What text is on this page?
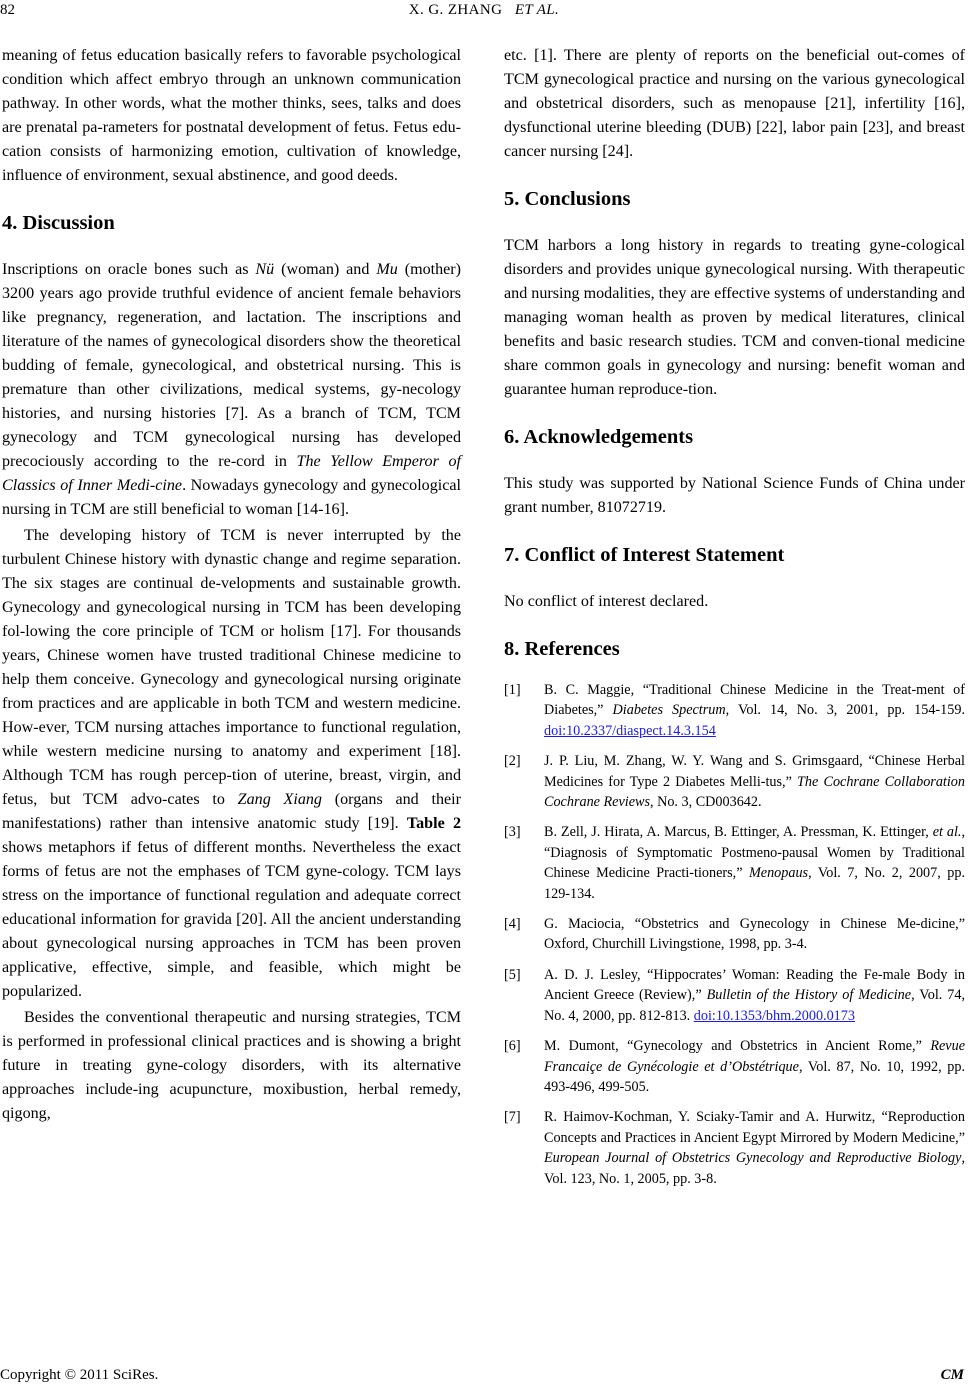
82	X. G. ZHANG ET AL.

meaning of fetus education basically refers to favorable psychological condition which affect embryo through an unknown communication pathway. In other words, what the mother thinks, sees, talks and does are prenatal pa-rameters for postnatal development of fetus. Fetus edu-cation consists of harmonizing emotion, cultivation of knowledge, influence of environment, sexual abstinence, and good deeds.

4. Discussion

Inscriptions on oracle bones such as Nü (woman) and Mu (mother) 3200 years ago provide truthful evidence of ancient female behaviors like pregnancy, regeneration, and lactation. The inscriptions and literature of the names of gynecological disorders show the theoretical budding of female, gynecological, and obstetrical nursing. This is premature than other civilizations, medical systems, gy-necology histories, and nursing histories [7]. As a branch of TCM, TCM gynecology and TCM gynecological nursing has developed precociously according to the re-cord in The Yellow Emperor of Classics of Inner Medi-cine. Nowadays gynecology and gynecological nursing in TCM are still beneficial to woman [14-16].

The developing history of TCM is never interrupted by the turbulent Chinese history with dynastic change and regime separation. The six stages are continual de-velopments and sustainable growth. Gynecology and gynecological nursing in TCM has been developing fol-lowing the core principle of TCM or holism [17]. For thousands years, Chinese women have trusted traditional Chinese medicine to help them conceive. Gynecology and gynecological nursing originate from practices and are applicable in both TCM and western medicine. How-ever, TCM nursing attaches importance to functional regulation, while western medicine nursing to anatomy and experiment [18]. Although TCM has rough percep-tion of uterine, breast, virgin, and fetus, but TCM advo-cates to Zang Xiang (organs and their manifestations) rather than intensive anatomic study [19]. Table 2 shows metaphors if fetus of different months. Nevertheless the exact forms of fetus are not the emphases of TCM gyne-cology. TCM lays stress on the importance of functional regulation and adequate correct educational information for gravida [20]. All the ancient understanding about gynecological nursing approaches in TCM has been proven applicative, effective, simple, and feasible, which might be popularized.

Besides the conventional therapeutic and nursing strategies, TCM is performed in professional clinical practices and is showing a bright future in treating gyne-cology disorders, with its alternative approaches include-ing acupuncture, moxibustion, herbal remedy, qigong,

etc. [1]. There are plenty of reports on the beneficial out-comes of TCM gynecological practice and nursing on the various gynecological and obstetrical disorders, such as menopause [21], infertility [16], dysfunctional uterine bleeding (DUB) [22], labor pain [23], and breast cancer nursing [24].

5. Conclusions

TCM harbors a long history in regards to treating gyne-cological disorders and provides unique gynecological nursing. With therapeutic and nursing modalities, they are effective systems of understanding and managing woman health as proven by medical literatures, clinical benefits and basic research studies. TCM and conven-tional medicine share common goals in gynecology and nursing: benefit woman and guarantee human reproduce-tion.

6. Acknowledgements

This study was supported by National Science Funds of China under grant number, 81072719.

7. Conflict of Interest Statement

No conflict of interest declared.

8. References
[1]	B. C. Maggie, “Traditional Chinese Medicine in the Treat-ment of Diabetes,” Diabetes Spectrum, Vol. 14, No. 3, 2001, pp. 154-159. doi:10.2337/diaspect.14.3.154
[2]	J. P. Liu, M. Zhang, W. Y. Wang and S. Grimsgaard, “Chinese Herbal Medicines for Type 2 Diabetes Melli-tus,” The Cochrane Collaboration Cochrane Reviews, No. 3, CD003642.
[3]	B. Zell, J. Hirata, A. Marcus, B. Ettinger, A. Pressman, K. Ettinger, et al., “Diagnosis of Symptomatic Postmeno-pausal Women by Traditional Chinese Medicine Practi-tioners,” Menopaus, Vol. 7, No. 2, 2007, pp. 129-134.
[4]	G. Maciocia, “Obstetrics and Gynecology in Chinese Me-dicine,” Oxford, Churchill Livingstione, 1998, pp. 3-4.
[5]	A. D. J. Lesley, “Hippocrates’ Woman: Reading the Fe-male Body in Ancient Greece (Review),” Bulletin of the History of Medicine, Vol. 74, No. 4, 2000, pp. 812-813. doi:10.1353/bhm.2000.0173
[6]	M. Dumont, “Gynecology and Obstetrics in Ancient Rome,” Revue Francaiçe de Gynécologie et d’Obstétrique, Vol. 87, No. 10, 1992, pp. 493-496, 499-505.
[7]	R. Haimov-Kochman, Y. Sciaky-Tamir and A. Hurwitz, “Reproduction Concepts and Practices in Ancient Egypt Mirrored by Modern Medicine,” European Journal of Obstetrics Gynecology and Reproductive Biology, Vol. 123, No. 1, 2005, pp. 3-8.
Copyright © 2011 SciRes.	CM
